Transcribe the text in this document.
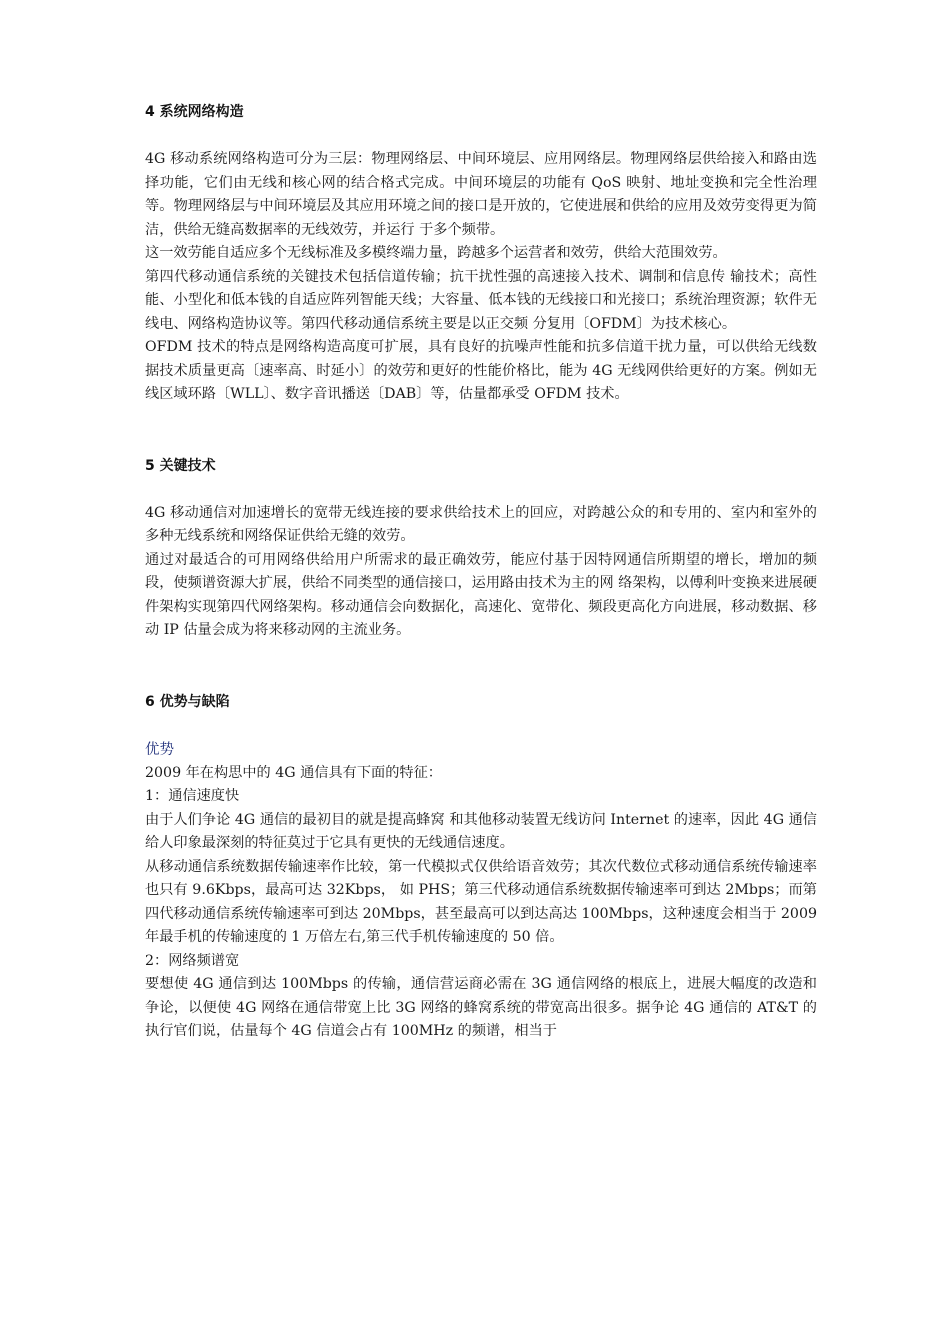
4 系统网络构造

4G 移动系统网络构造可分为三层：物理网络层、中间环境层、应用网络层。物理网络层供给接入和路由选择功能，它们由无线和核心网的结合格式完成。中间环境层的功能有 QoS 映射、地址变换和完全性治理等。物理网络层与中间环境层及其应用环境之间的接口是开放的，它使进展和供给的应用及效劳变得更为简洁，供给无缝高数据率的无线效劳，并运行 于多个频带。

这一效劳能自适应多个无线标准及多模终端力量，跨越多个运营者和效劳，供给大范围效劳。

第四代移动通信系统的关键技术包括信道传输；抗干扰性强的高速接入技术、调制和信息传 输技术；高性能、小型化和低本钱的自适应阵列智能天线；大容量、低本钱的无线接口和光接口；系统治理资源；软件无线电、网络构造协议等。第四代移动通信系统主要是以正交频 分复用〔OFDM〕为技术核心。

OFDM 技术的特点是网络构造高度可扩展，具有良好的抗噪声性能和抗多信道干扰力量，可以供给无线数据技术质量更高〔速率高、时延小〕的效劳和更好的性能价格比，能为 4G 无线网供给更好的方案。例如无线区域环路〔WLL〕、数字音讯播送〔DAB〕等，估量都承受 OFDM 技术。

5 关键技术

4G 移动通信对加速增长的宽带无线连接的要求供给技术上的回应，对跨越公众的和专用的、室内和室外的多种无线系统和网络保证供给无缝的效劳。

通过对最适合的可用网络供给用户所需求的最正确效劳，能应付基于因特网通信所期望的增长，增加的频段，使频谱资源大扩展，供给不同类型的通信接口，运用路由技术为主的网 络架构，以傅利叶变换来进展硬件架构实现第四代网络架构。移动通信会向数据化，高速化、宽带化、频段更高化方向进展，移动数据、移动 IP 估量会成为将来移动网的主流业务。

6 优势与缺陷

优势

2009 年在构思中的 4G 通信具有下面的特征：

1：通信速度快

由于人们争论 4G 通信的最初目的就是提高蜂窝 和其他移动装置无线访问 Internet 的速率，因此 4G 通信给人印象最深刻的特征莫过于它具有更快的无线通信速度。

从移动通信系统数据传输速率作比较，第一代模拟式仅供给语音效劳；其次代数位式移动通信系统传输速率也只有 9.6Kbps，最高可达 32Kbps， 如 PHS；第三代移动通信系统数据传输速率可到达 2Mbps；而第四代移动通信系统传输速率可到达 20Mbps，甚至最高可以到达高达 100Mbps，这种速度会相当于 2009 年最手机的传输速度的 1 万倍左右,第三代手机传输速度的 50 倍。

2：网络频谱宽

要想使 4G 通信到达 100Mbps 的传输，通信营运商必需在 3G 通信网络的根底上，进展大幅度的改造和争论，以便使 4G 网络在通信带宽上比 3G 网络的蜂窝系统的带宽高出很多。据争论 4G 通信的 AT&T 的执行官们说，估量每个 4G 信道会占有 100MHz 的频谱，相当于
